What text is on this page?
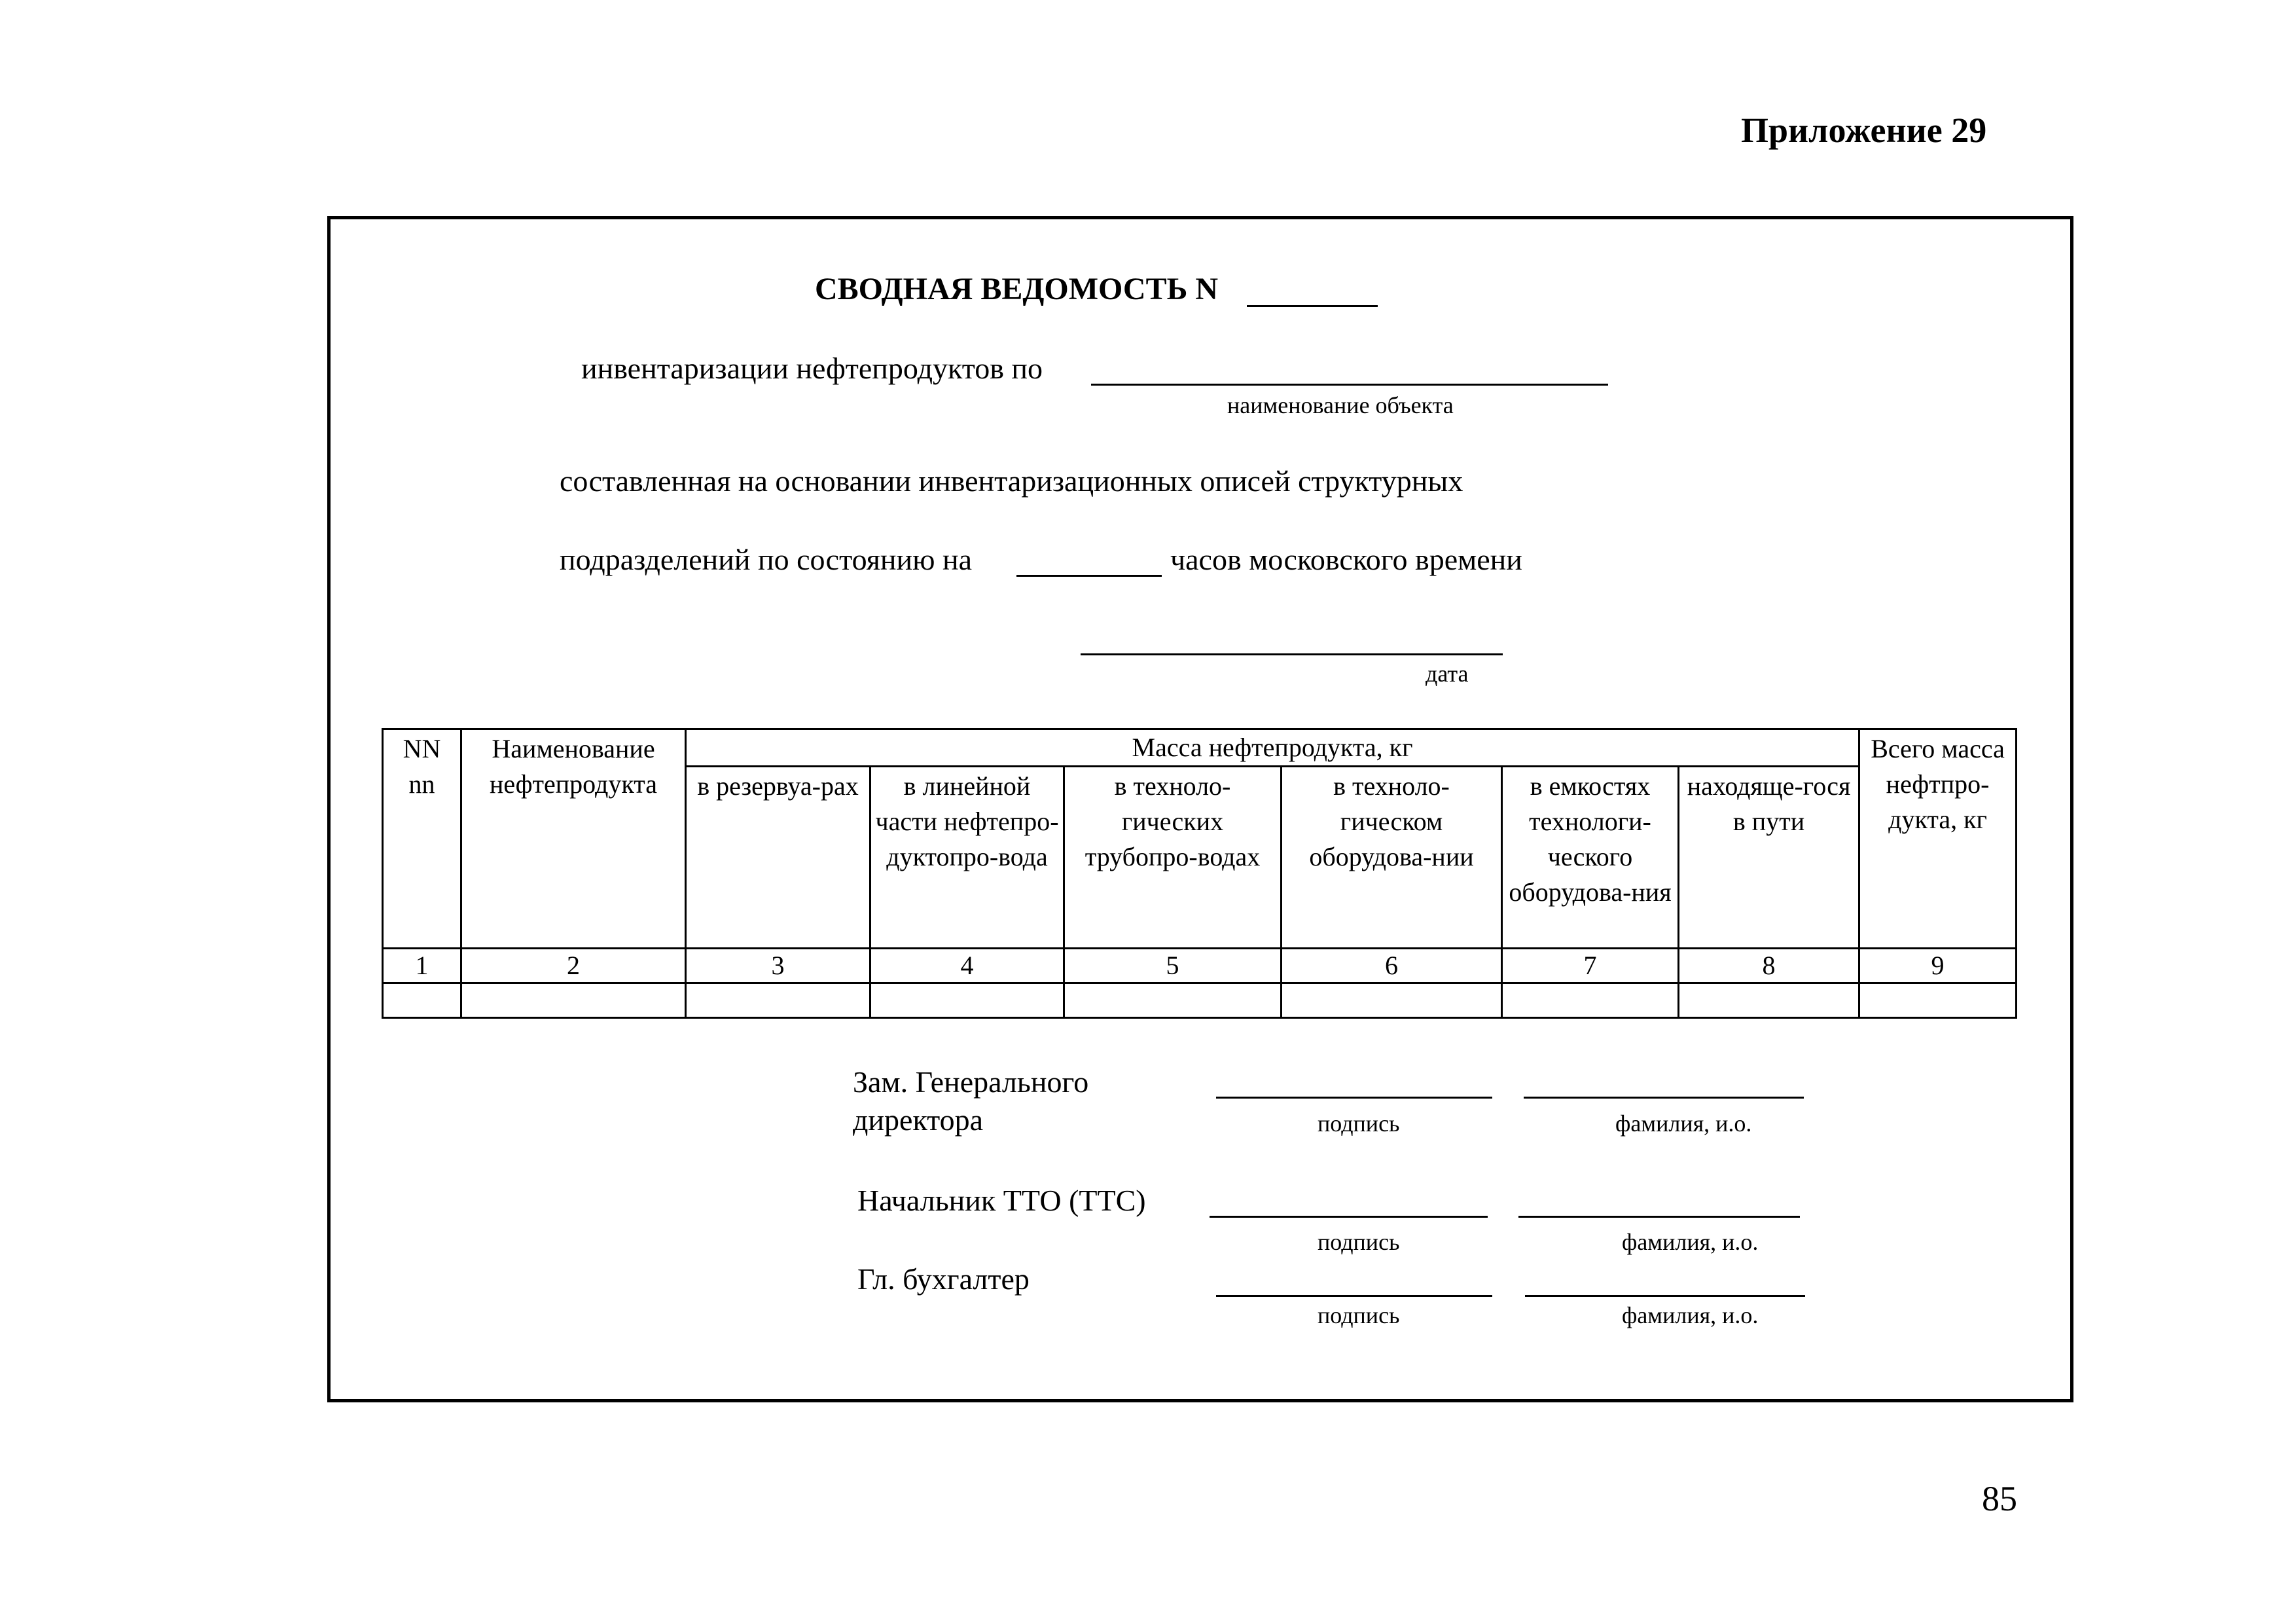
Приложение 29
СВОДНАЯ ВЕДОМОСТЬ N
инвентаризации нефтепродуктов по
наименование объекта
составленная на основании инвентаризационных описей структурных
подразделений по состоянию на	часов московского времени
дата
NN nn	Наименование нефтепродукта	Масса нефтепродукта, кг						Всего масса нефтпро-дукта, кг
		в резервуа-рах	в линейной части нефтепро-дуктопро-вода	в техноло-гических трубопро-водах	в техноло-гическом оборудова-нии	в емкостях технологи-ческого оборудова-ния	находяще-гося в пути	
1	2	3	4	5	6	7	8	9

Зам. Генерального директора	подпись	фамилия, и.о.
Начальник ТТО (ТТС)
подпись	фамилия, и.о.
Гл. бухгалтер
подпись	фамилия, и.о.
85
